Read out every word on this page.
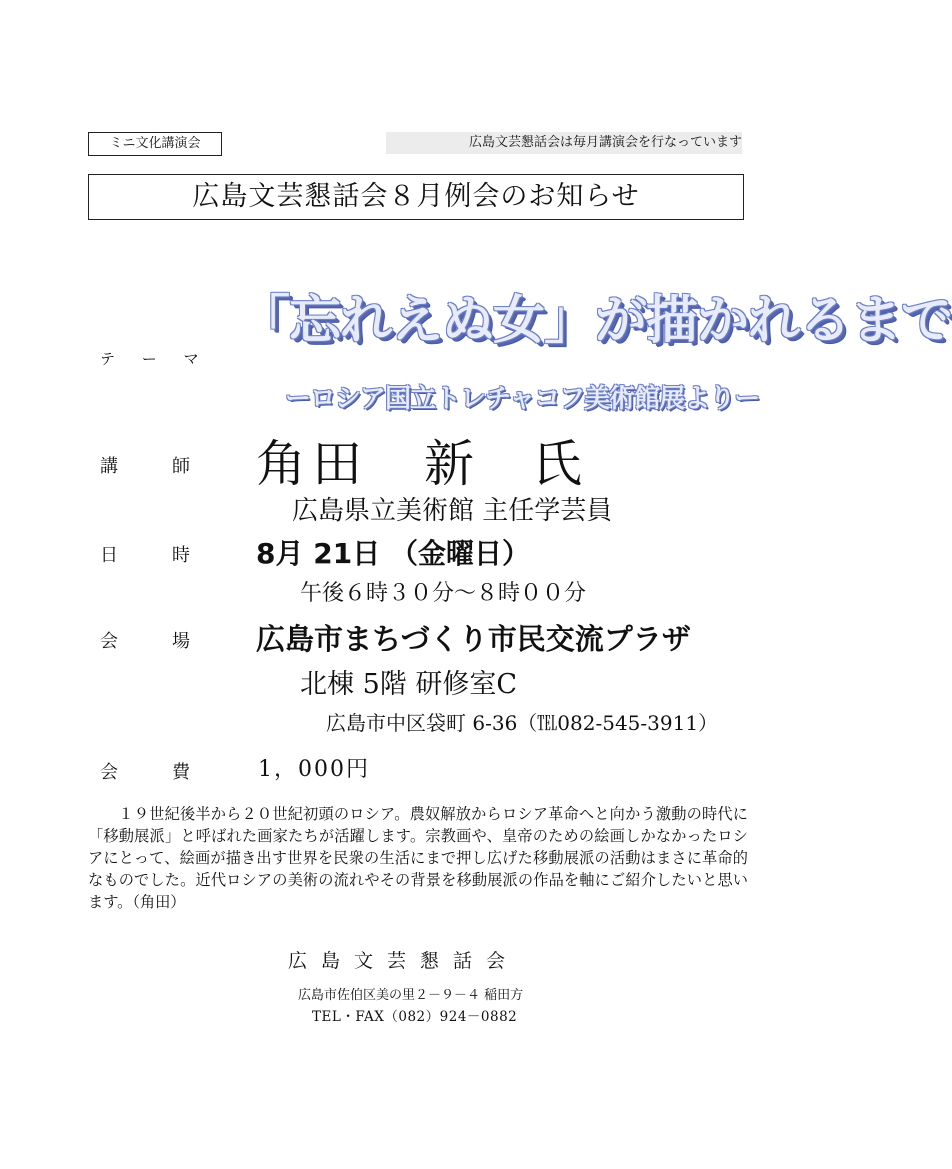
ミニ文化講演会	広島文芸懇話会は毎月講演会を行なっています
広島文芸懇話会８月例会のお知らせ
テ ー マ
「忘れえぬ女」が描かれるまで
ーロシア国立トレチャコフ美術館展よりー
講	師	角田　新 氏
広島県立美術館 主任学芸員
日	時	8月 21日 （金曜日）
午後６時３０分～８時００分
会	場	広島市まちづくり市民交流プラザ
北棟 5階 研修室C
広島市中区袋町 6-36（℡082-545-3911）
会	費	1，000円
１９世紀後半から２０世紀初頭のロシア。農奴解放からロシア革命へと向かう激動の時代に「移動展派」と呼ばれた画家たちが活躍します。宗教画や、皇帝のための絵画しかなかったロシアにとって、絵画が描き出す世界を民衆の生活にまで押し広げた移動展派の活動はまさに革命的なものでした。近代ロシアの美術の流れやその背景を移動展派の作品を軸にご紹介したいと思います。（角田）
広島文芸懇話会
広島市佐伯区美の里２－９－４ 稲田方
TEL・FAX（082）924－0882
